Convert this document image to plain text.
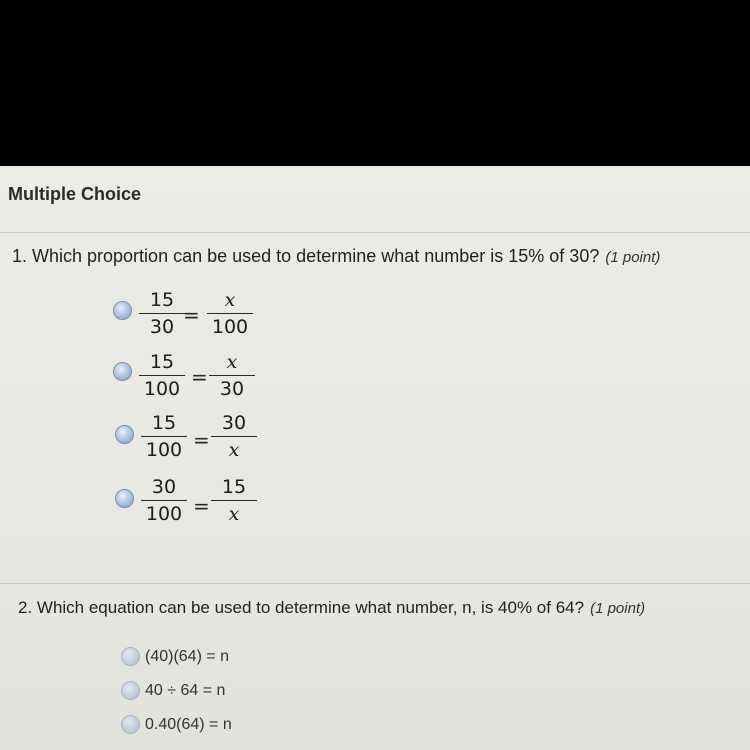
Multiple Choice
1. Which proportion can be used to determine what number is 15% of 30? (1 point)
15
30 =
x
100
15
100 =
x
30
15
100 =
30
x
30
100 =
15
x
2. Which equation can be used to determine what number, n, is 40% of 64? (1 point)
(40)(64) = n
40 ÷ 64 = n
0.40(64) = n
